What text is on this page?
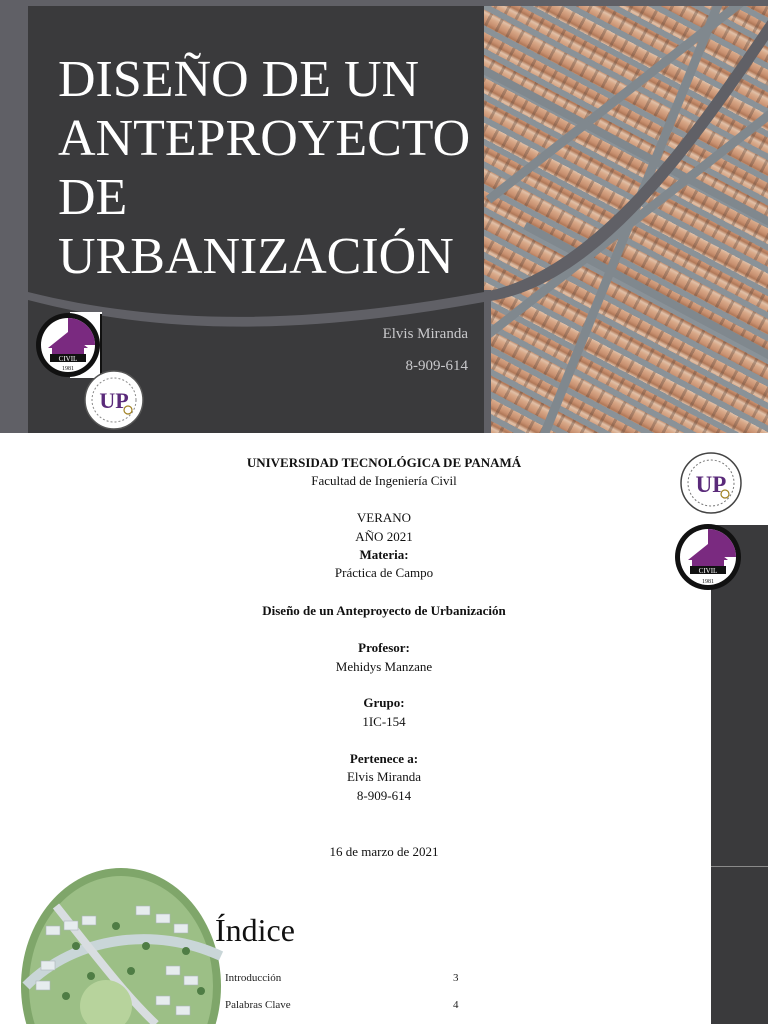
DISEÑO DE UN
ANTEPROYECTO
DE
URBANIZACIÓN
Elvis Miranda
8-909-614
CIVIL
1981
UP
UP
CIVIL
1981
UNIVERSIDAD TECNOLÓGICA DE PANAMÁ
Facultad de Ingeniería Civil
VERANO
AÑO 2021
Materia:
Práctica de Campo
Diseño de un Anteproyecto de Urbanización
Profesor:
Mehidys Manzane
Grupo:
1IC-154
Pertenece a:
Elvis Miranda
8-909-614
16 de marzo de 2021
Índice
Introducción	3
Palabras Clave	4
